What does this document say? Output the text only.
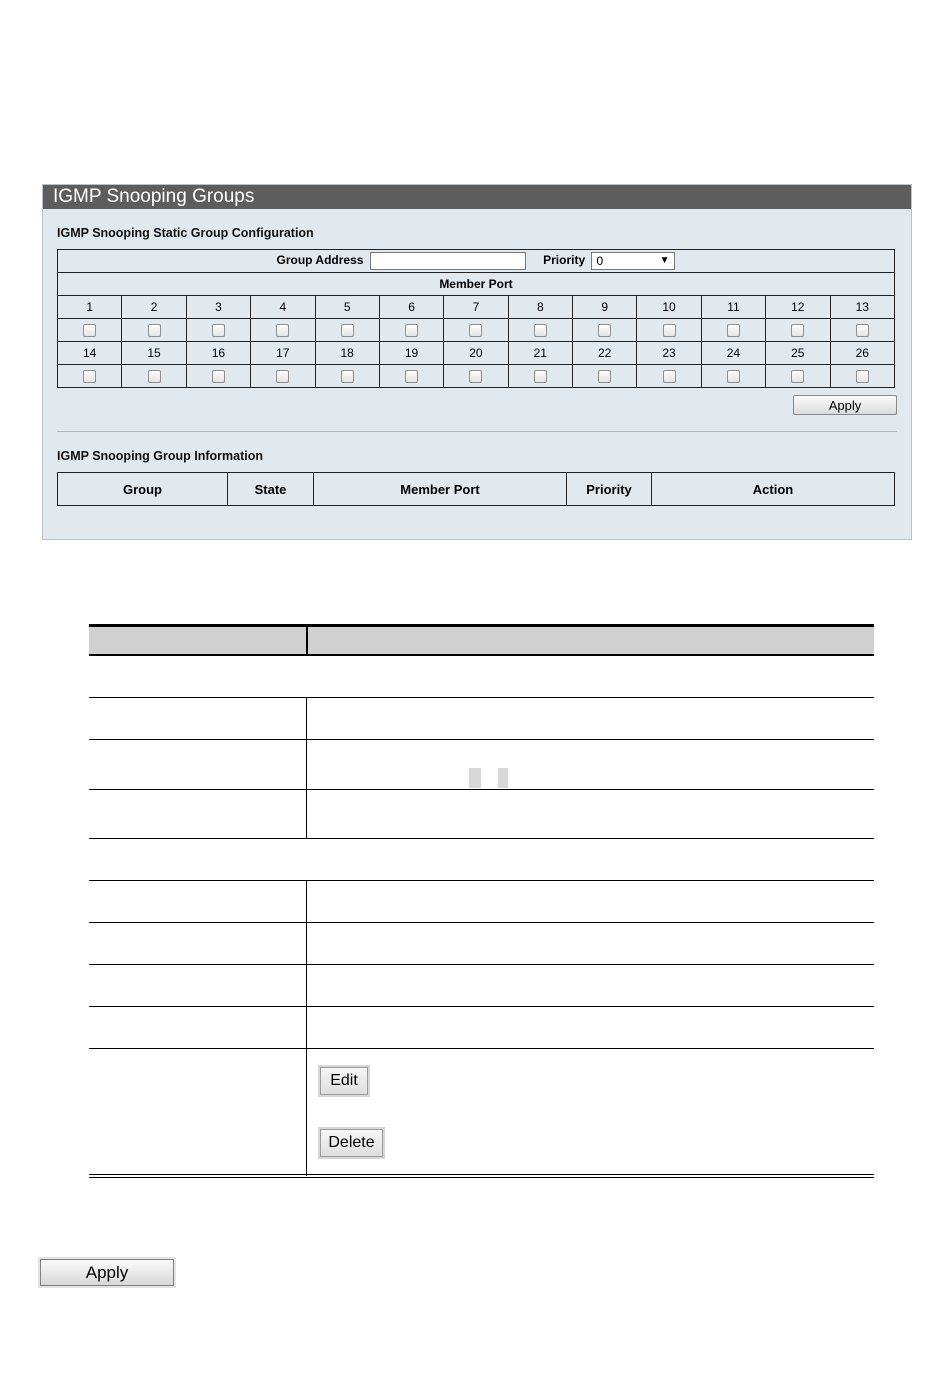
IGMP Snooping Groups
IGMP Snooping Static Group Configuration
Group Address Priority 0 ▼												

Member Port												
1	2	3	4	5	6	7	8	9	10	11	12	13

14	15	16	17	18	19	20	21	22	23	24	25	26

Apply
IGMP Snooping Group Information
Group	State	Member Port	Priority	Action
Edit
Delete
Apply
